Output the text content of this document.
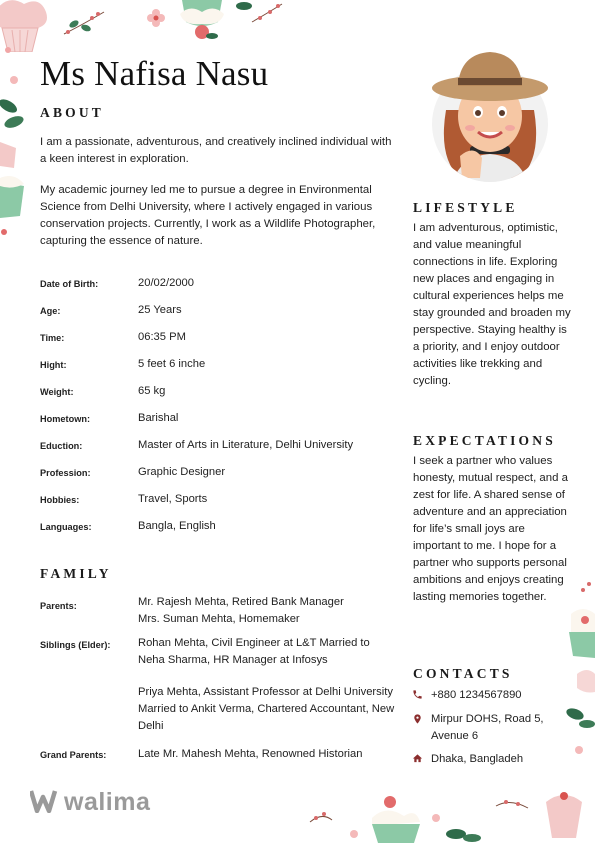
Ms Nafisa Nasu
ABOUT
I am a passionate, adventurous, and creatively inclined individual with a keen interest in exploration.
My academic journey led me to pursue a degree in Environmental Science from Delhi University, where I actively engaged in various conservation projects. Currently, I work as a Wildlife Photographer, capturing the essence of nature.
Date of Birth:	20/02/2000
Age:	25 Years
Time:	06:35 PM
Hight:	5 feet 6 inche
Weight:	65 kg
Hometown:	Barishal
Eduction:	Master of Arts in Literature, Delhi University
Profession:	Graphic Designer
Hobbies:	Travel, Sports
Languages:	Bangla, English
FAMILY
Parents:	Mr. Rajesh Mehta, Retired Bank Manager
Mrs. Suman Mehta, Homemaker
Siblings (Elder): Rohan Mehta, Civil Engineer at L&T Married to Neha Sharma, HR Manager at Infosys
Priya Mehta, Assistant Professor at Delhi University Married to Ankit Verma, Chartered Accountant, New Delhi
Grand Parents:	Late Mr. Mahesh Mehta, Renowned Historian
walima
LIFESTYLE
I am adventurous, optimistic, and value meaningful connections in life. Exploring new places and engaging in cultural experiences helps me stay grounded and broaden my perspective. Staying healthy is a priority, and I enjoy outdoor activities like trekking and cycling.
EXPECTATIONS
I seek a partner who values honesty, mutual respect, and a zest for life. A shared sense of adventure and an appreciation for life’s small joys are important to me. I hope for a partner who supports personal ambitions and enjoys creating lasting memories together.
CONTACTS
+880 1234567890
Mirpur DOHS, Road 5, Avenue 6
Dhaka, Bangladeh
